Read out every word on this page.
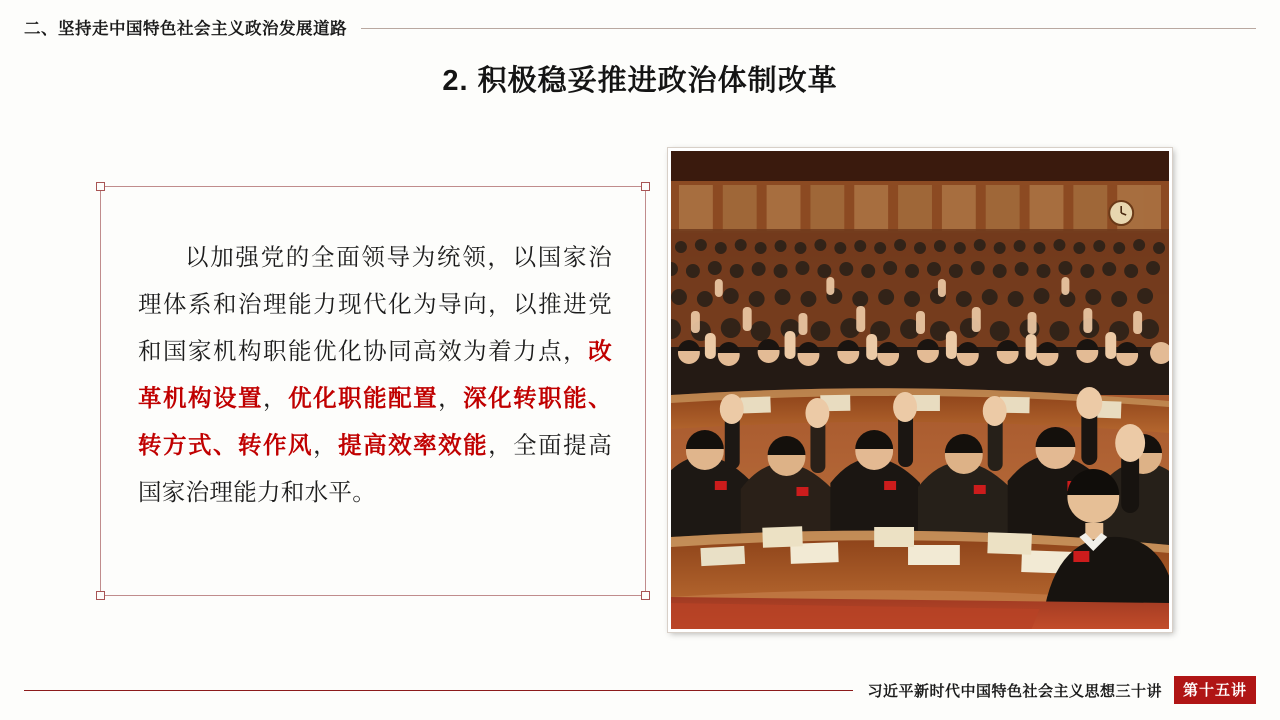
二、坚持走中国特色社会主义政治发展道路
2. 积极稳妥推进政治体制改革

以加强党的全面领导为统领，以国家治理体系和治理能力现代化为导向，以推进党和国家机构职能优化协同高效为着力点，改革机构设置，优化职能配置，深化转职能、转方式、转作风，提高效率效能，全面提高国家治理能力和水平。

习近平新时代中国特色社会主义思想三十讲	第十五讲
